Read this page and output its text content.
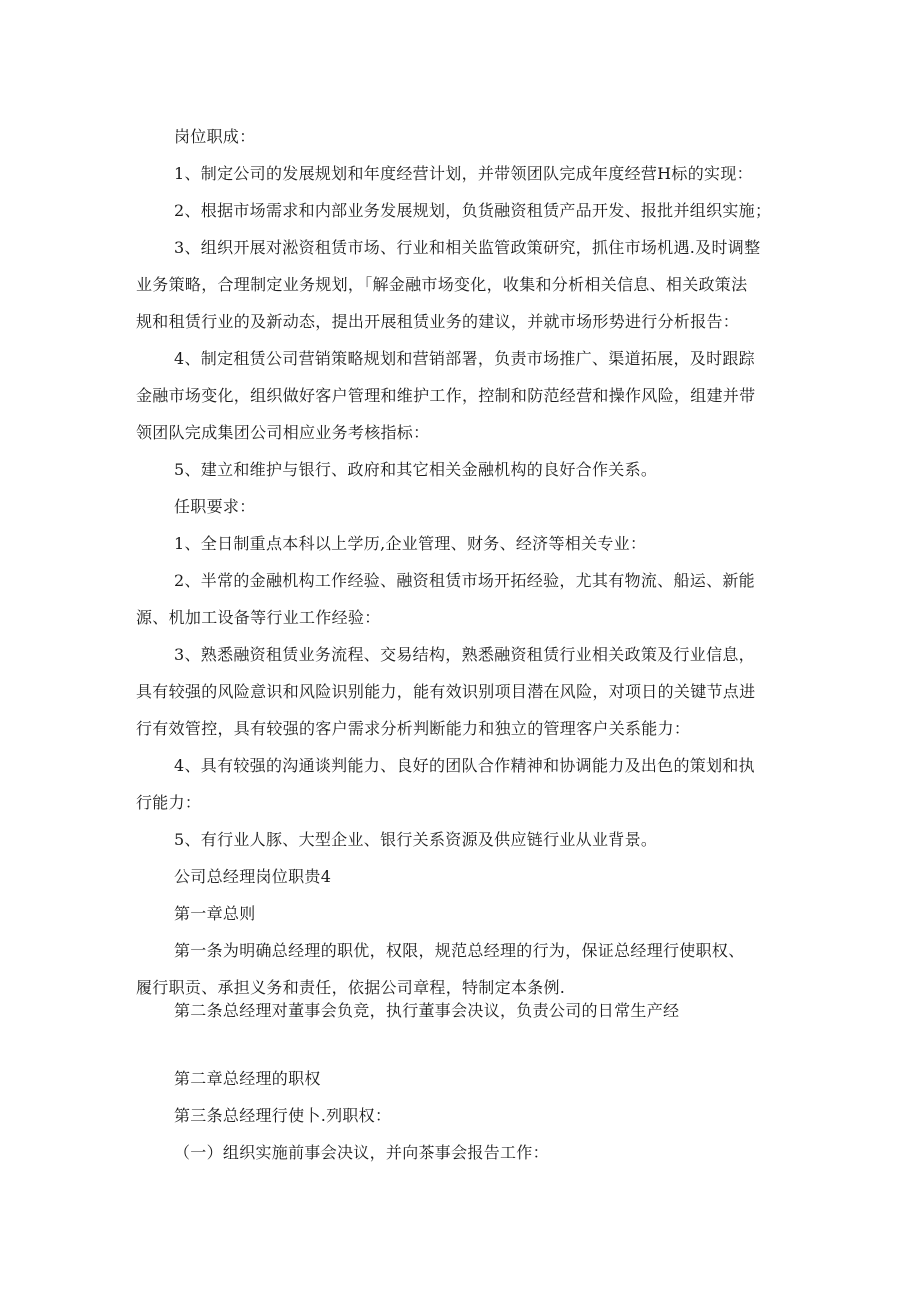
岗位职成：
1、制定公司的发展规划和年度经营计划，并带领团队完成年度经营H标的实现：
2、根据市场需求和内部业务发展规划，负货融资租赁产品开发、报批并组织实施；
3、组织开展对淞资租赁市场、行业和相关监管政策研究，抓住市场机遇.及时调整
业务策略，合理制定业务规划，「解金融市场变化，收集和分析相关信息、相关政策法
规和租赁行业的及新动态，提出开展租赁业务的建议，并就市场形势进行分析报告：
4、制定租赁公司营销策略规划和营销部署，负责市场推广、渠道拓展，及时跟踪
金融市场变化，组织做好客户管理和维护工作，控制和防范经营和操作风险，组建并带
领团队完成集团公司相应业务考核指标：
5、建立和维护与银行、政府和其它相关金融机构的良好合作关系。
任职要求：
1、全日制重点本科以上学历,企业管理、财务、经济等相关专业：
2、半常的金融机构工作经验、融资租赁市场开拓经验，尤其有物流、船运、新能
源、机加工设备等行业工作经验：
3、熟悉融资租赁业务流程、交易结构，熟悉融资租赁行业相关政策及行业信息，
具有较强的风险意识和风险识别能力，能有效识别项目潜在风险，对项日的关键节点进
行有效管控，具有较强的客户需求分析判断能力和独立的管理客户关系能力：
4、具有较强的沟通谈判能力、良好的团队合作精神和协调能力及出色的策划和执
行能力：
5、有行业人豚、大型企业、银行关系资源及供应链行业从业背景。
公司总经理岗位职贵4
第一章总则
第一条为明确总经理的职优，权限，规范总经理的行为，保证总经理行使职权、
履行职贡、承担义务和责任，依据公司章程，特制定本条例.
第二条总经理对董事会负竞，执行董事会决议，负责公司的日常生产经
第二章总经理的职权
第三条总经理行使卜.列职权：
（一）组织实施前事会决议，并向茶事会报告工作：
